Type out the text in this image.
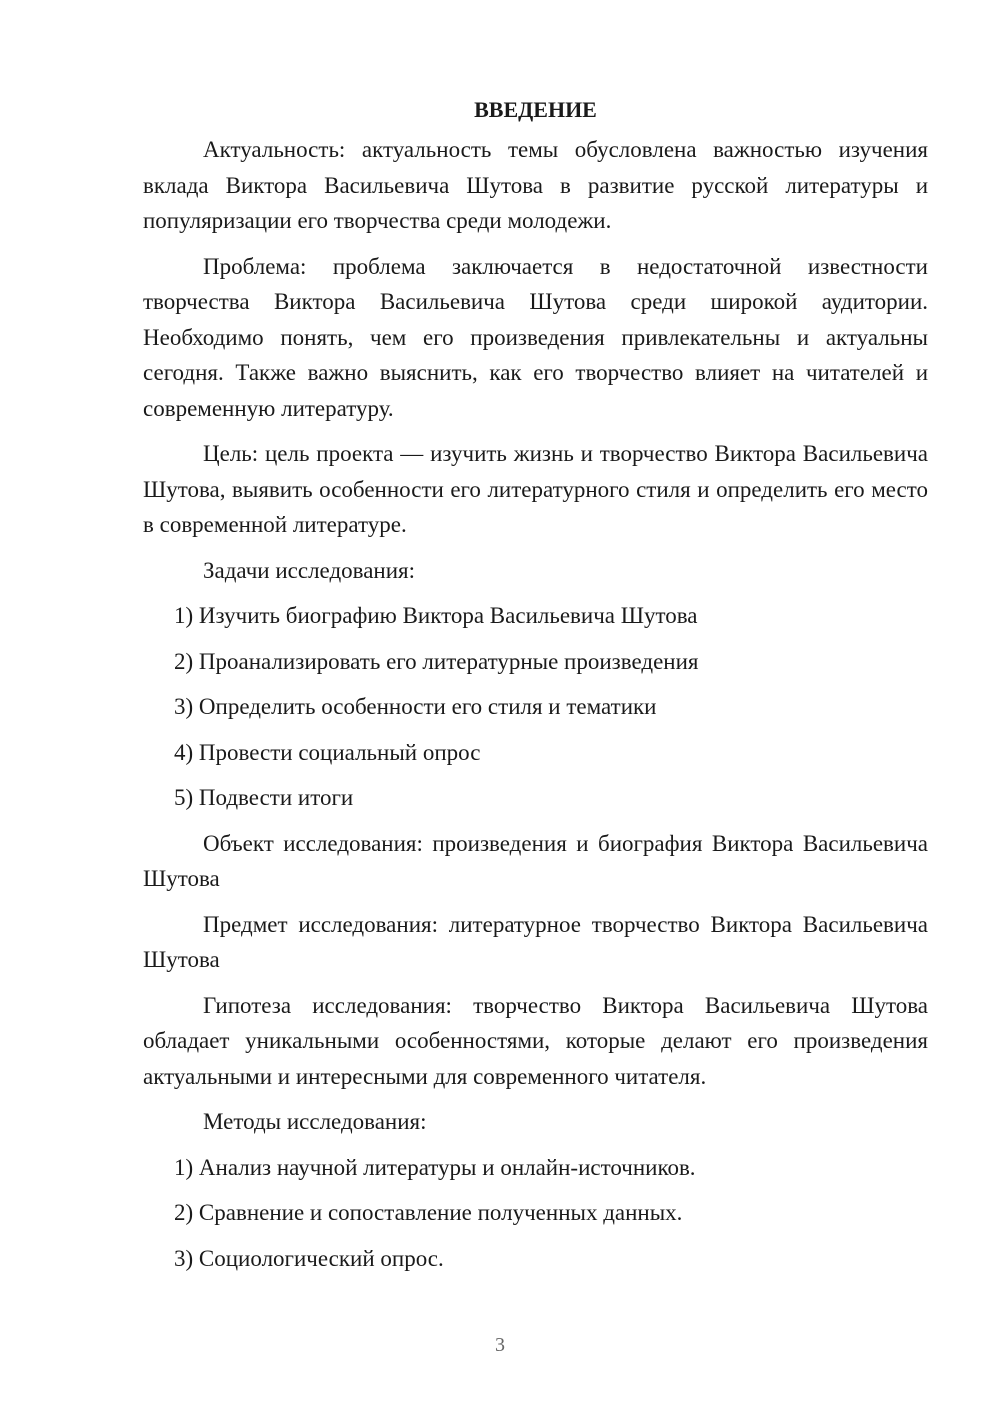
ВВЕДЕНИЕ

Актуальность: актуальность темы обусловлена важностью изучения вклада Виктора Васильевича Шутова в развитие русской литературы и популяризации его творчества среди молодежи.

Проблема: проблема заключается в недостаточной известности творчества Виктора Васильевича Шутова среди широкой аудитории. Необходимо понять, чем его произведения привлекательны и актуальны сегодня. Также важно выяснить, как его творчество влияет на читателей и современную литературу.

Цель: цель проекта — изучить жизнь и творчество Виктора Васильевича Шутова, выявить особенности его литературного стиля и определить его место в современной литературе.

Задачи исследования:

1) Изучить биографию Виктора Васильевича Шутова
2) Проанализировать его литературные произведения
3) Определить особенности его стиля и тематики
4) Провести социальный опрос
5) Подвести итоги

Объект исследования: произведения и биография Виктора Васильевича Шутова

Предмет исследования: литературное творчество Виктора Васильевича Шутова

Гипотеза исследования: творчество Виктора Васильевича Шутова обладает уникальными особенностями, которые делают его произведения актуальными и интересными для современного читателя.

Методы исследования:

1) Анализ научной литературы и онлайн-источников.
2) Сравнение и сопоставление полученных данных.
3) Социологический опрос.
3
